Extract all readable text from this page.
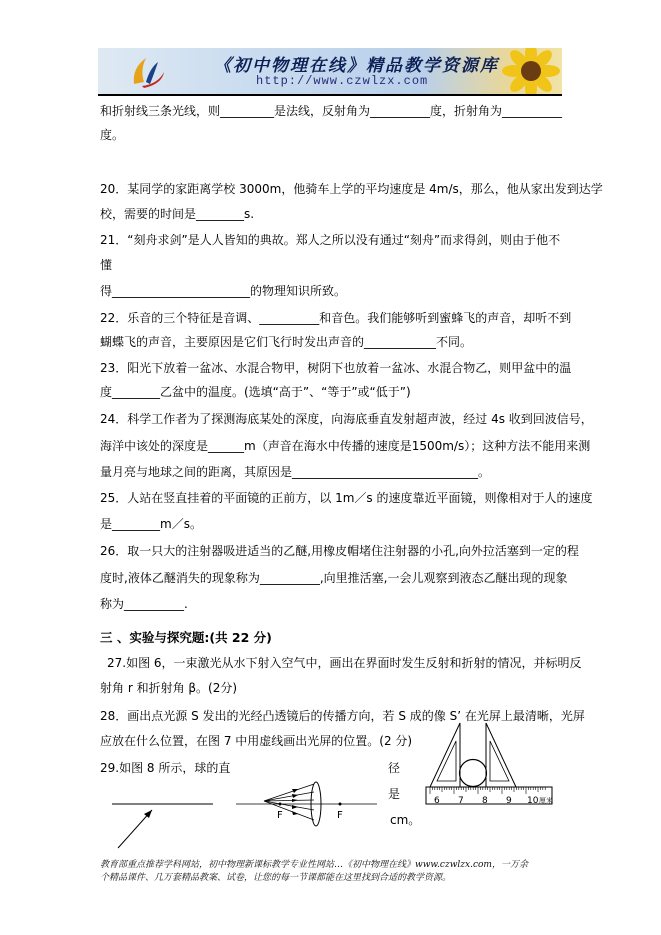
《初中物理在线》精品教学资源库
http://www.czwlzx.com
和折射线三条光线，则_________是法线，反射角为__________度，折射角为__________
度。
20．某同学的家距离学校 3000m，他骑车上学的平均速度是 4m/s，那么，他从家出发到达学
校，需要的时间是________s.
21．“刻舟求剑”是人人皆知的典故。郑人之所以没有通过“刻舟”而求得剑，则由于他不
懂
得_______________________的物理知识所致。
22．乐音的三个特征是音调、__________和音色。我们能够听到蜜蜂飞的声音，却听不到
蝴蝶飞的声音，主要原因是它们飞行时发出声音的____________不同。
23．阳光下放着一盆冰、水混合物甲，树阴下也放着一盆冰、水混合物乙，则甲盆中的温
度________乙盆中的温度。(选填“高于”、“等于”或“低于”)
24．科学工作者为了探测海底某处的深度，向海底垂直发射超声波，经过 4s 收到回波信号，
海洋中该处的深度是______m（声音在海水中传播的速度是1500m/s）；这种方法不能用来测
量月亮与地球之间的距离，其原因是_______________________________。
25．人站在竖直挂着的平面镜的正前方，以 1m／s 的速度靠近平面镜，则像相对于人的速度
是________m／s。
26．取一只大的注射器吸进适当的乙醚,用橡皮帽堵住注射器的小孔,向外拉活塞到一定的程
度时,液体乙醚消失的现象称为__________,向里推活塞,一会儿观察到液态乙醚出现的现象
称为__________.
三 、实验与探究题:(共 22 分)
27.如图 6，一束激光从水下射入空气中，画出在界面时发生反射和折射的情况，并标明反
射角 r 和折射角 β。(2分)
28．画出点光源 S 发出的光经凸透镜后的传播方向，若 S 成的像 S’ 在光屏上最清晰，光屏
应放在什么位置，在图 7 中用虚线画出光屏的位置。(2 分)
29.如图 8 所示，球的直	径
是
cm。
F	F
6 7 8 9 10 厘米
教育部重点推荐学科网站，初中物理新课标教学专业性网站…《初中物理在线》www.czwlzx.com，一万余
个精品课件、几万套精品教案、试卷，让您的每一节课都能在这里找到合适的教学资源。
